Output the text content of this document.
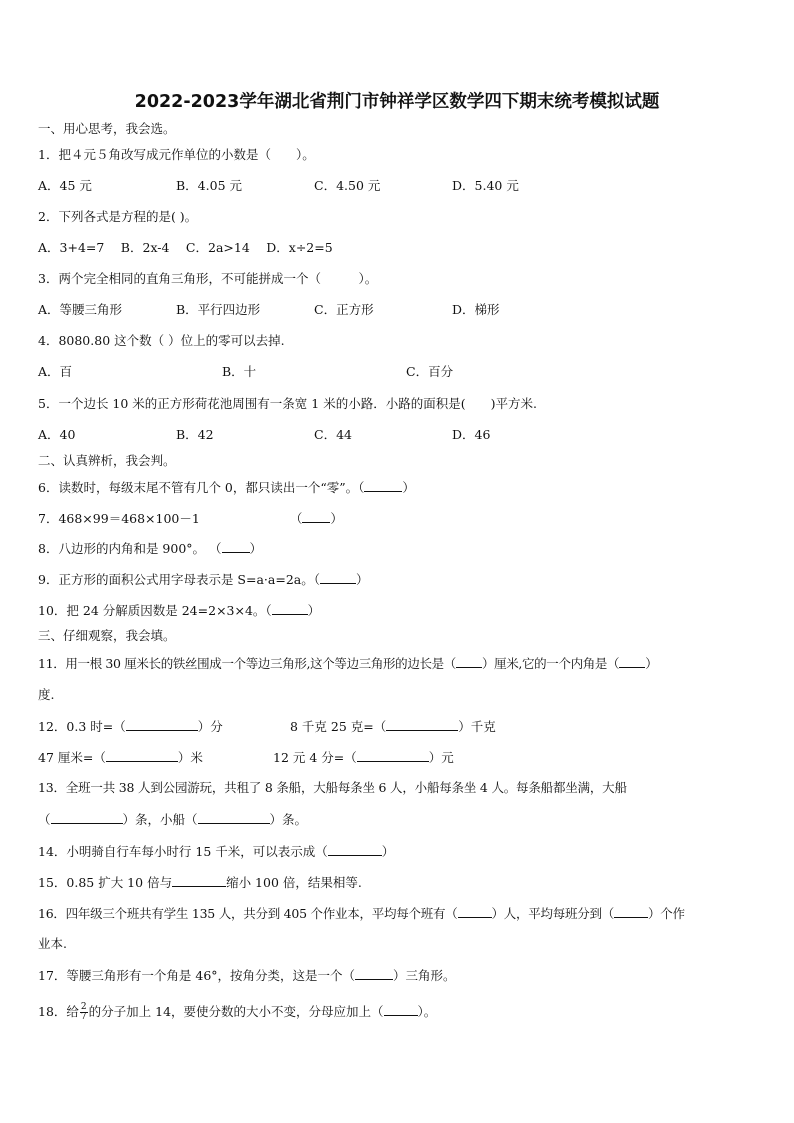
2022-2023学年湖北省荆门市钟祥学区数学四下期末统考模拟试题
一、用心思考，我会选。
1．把４元５角改写成元作单位的小数是（　　）。
A．45 元	B．4.05 元	C．4.50 元	D．5.40 元
2．下列各式是方程的是( )。
A．3+4=7　 B．2x-4　 C．2a>14　 D．x÷2=5
3．两个完全相同的直角三角形，不可能拼成一个（　　　）。
A．等腰三角形	B．平行四边形	C．正方形	D．梯形
4．8080.80 这个数（ ）位上的零可以去掉.
A．百	B．十	C．百分
5．一个边长 10 米的正方形荷花池周围有一条宽 1 米的小路．小路的面积是(　　)平方米.
A．40	B．42	C．44	D．46
二、认真辨析，我会判。
6．读数时，每级末尾不管有几个 0，都只读出一个“零”。（	）
7．468×99＝468×100－1	（ ）
8．八边形的内角和是 900°。 （ ）
9．正方形的面积公式用字母表示是 S=a·a=2a。（	）
10．把 24 分解质因数是 24=2×3×4。（	）
三、仔细观察，我会填。
11．用一根 30 厘米长的铁丝围成一个等边三角形,这个等边三角形的边长是（ ）厘米,它的一个内角是（ ）
度.
12．0.3 时=（	）分	8 千克 25 克=（	）千克
47 厘米=（	）米	12 元 4 分=（	）元
13．全班一共 38 人到公园游玩，共租了 8 条船，大船每条坐 6 人，小船每条坐 4 人。每条船都坐满，大船
（	）条，小船（	）条。
14．小明骑自行车每小时行 15 千米，可以表示成（	）
15．0.85 扩大 10 倍与	缩小 100 倍，结果相等.
16．四年级三个班共有学生 135 人，共分到 405 个作业本，平均每个班有（	）人，平均每班分到（	）个作
业本.
17．等腰三角形有一个角是 46°，按角分类，这是一个（	）三角形。
18．给 $\frac{2}{7}$ 的分子加上 14，要使分数的大小不变，分母应加上（	）。
